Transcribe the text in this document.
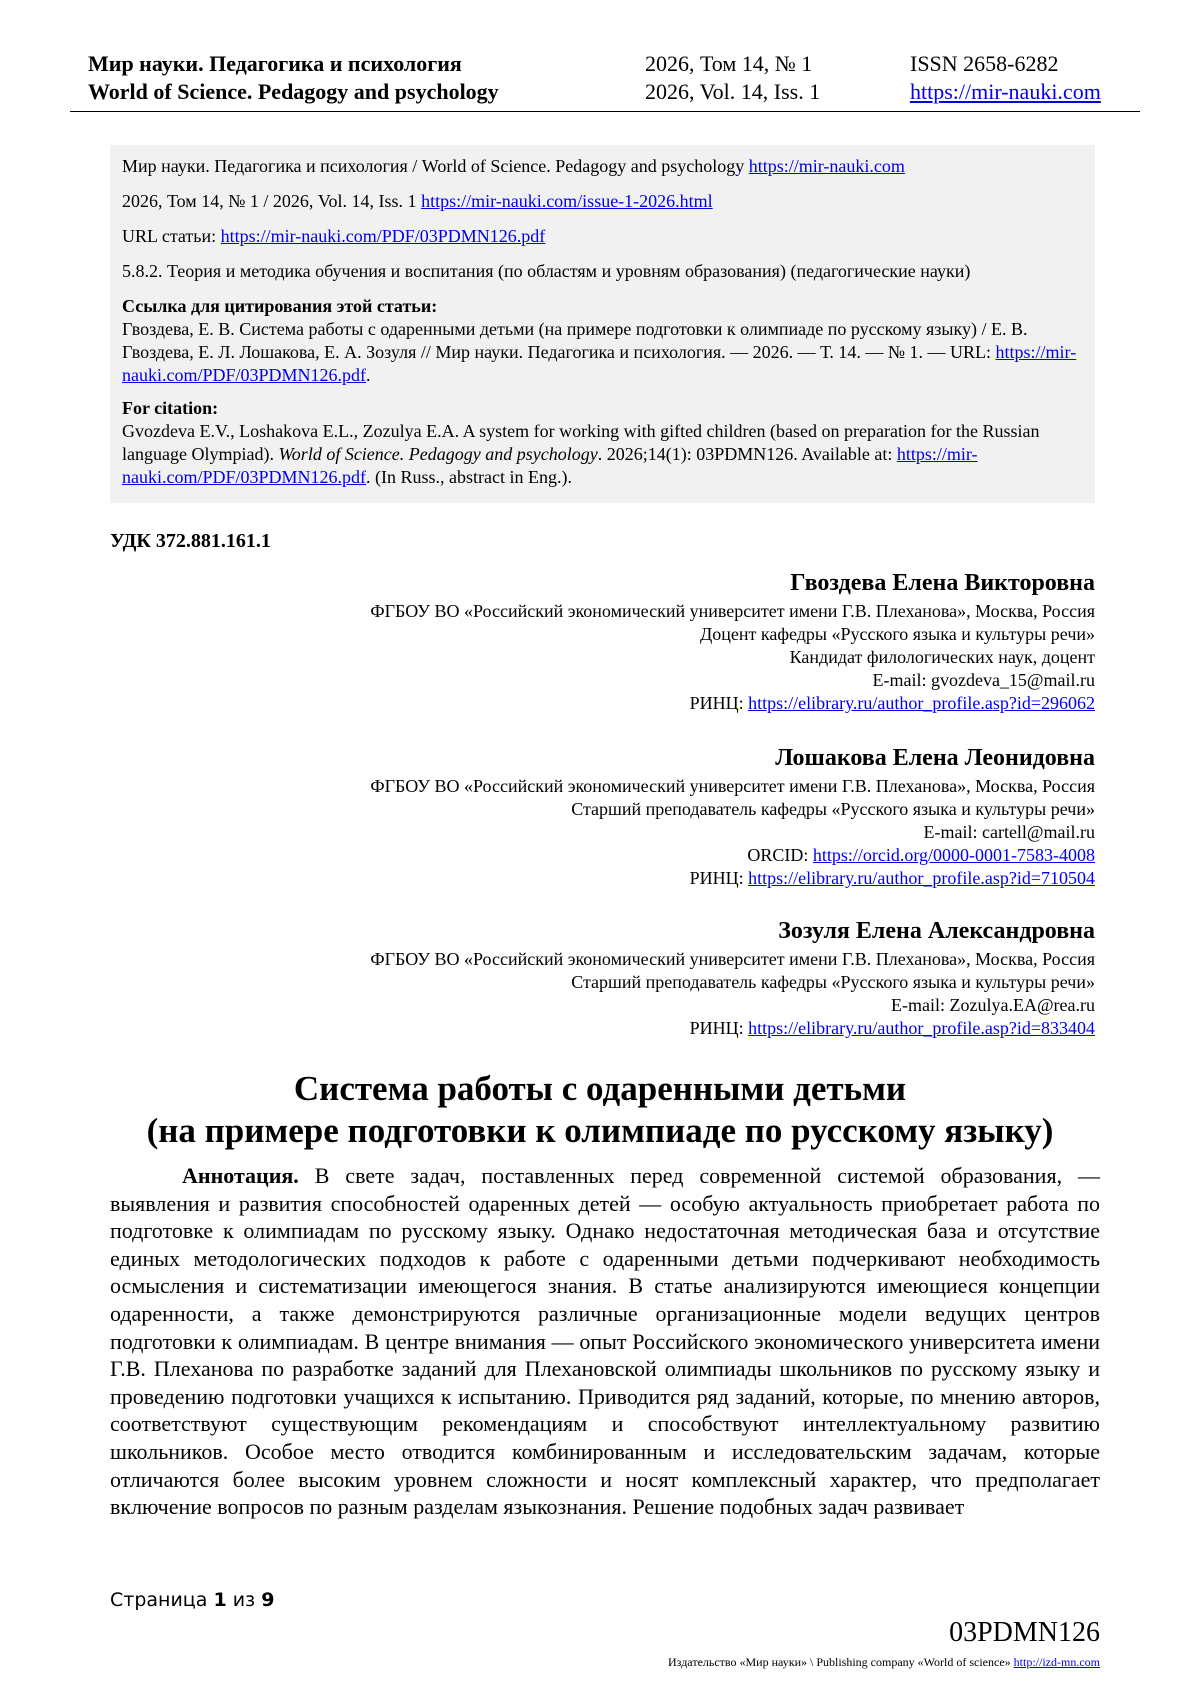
Мир науки. Педагогика и психология	2026, Том 14, № 1	ISSN 2658-6282
World of Science. Pedagogy and psychology	2026, Vol. 14, Iss. 1	https://mir-nauki.com

Мир науки. Педагогика и психология / World of Science. Pedagogy and psychology https://mir-nauki.com

2026, Том 14, № 1 / 2026, Vol. 14, Iss. 1 https://mir-nauki.com/issue-1-2026.html

URL статьи: https://mir-nauki.com/PDF/03PDMN126.pdf

5.8.2. Теория и методика обучения и воспитания (по областям и уровням образования) (педагогические науки)

Ссылка для цитирования этой статьи:
Гвоздева, Е. В. Система работы с одаренными детьми (на примере подготовки к олимпиаде по русскому языку) / Е. В. Гвоздева, Е. Л. Лошакова, Е. А. Зозуля // Мир науки. Педагогика и психология. — 2026. — Т. 14. — № 1. — URL: https://mir-nauki.com/PDF/03PDMN126.pdf.
For citation:
Gvozdeva E.V., Loshakova E.L., Zozulya E.A. A system for working with gifted children (based on preparation for the Russian language Olympiad). World of Science. Pedagogy and psychology. 2026;14(1): 03PDMN126. Available at: https://mir-nauki.com/PDF/03PDMN126.pdf. (In Russ., abstract in Eng.).
УДК 372.881.161.1
Гвоздева Елена Викторовна
ФГБОУ ВО «Российский экономический университет имени Г.В. Плеханова», Москва, Россия
Доцент кафедры «Русского языка и культуры речи»
Кандидат филологических наук, доцент
E-mail: gvozdeva_15@mail.ru
РИНЦ: https://elibrary.ru/author_profile.asp?id=296062
Лошакова Елена Леонидовна
ФГБОУ ВО «Российский экономический университет имени Г.В. Плеханова», Москва, Россия
Старший преподаватель кафедры «Русского языка и культуры речи»
E-mail: cartell@mail.ru
ORCID: https://orcid.org/0000-0001-7583-4008
РИНЦ: https://elibrary.ru/author_profile.asp?id=710504
Зозуля Елена Александровна
ФГБОУ ВО «Российский экономический университет имени Г.В. Плеханова», Москва, Россия
Старший преподаватель кафедры «Русского языка и культуры речи»
E-mail: Zozulya.EA@rea.ru
РИНЦ: https://elibrary.ru/author_profile.asp?id=833404
Система работы с одаренными детьми
(на примере подготовки к олимпиаде по русскому языку)
Аннотация. В свете задач, поставленных перед современной системой образования, — выявления и развития способностей одаренных детей — особую актуальность приобретает работа по подготовке к олимпиадам по русскому языку. Однако недостаточная методическая база и отсутствие единых методологических подходов к работе с одаренными детьми подчеркивают необходимость осмысления и систематизации имеющегося знания. В статье анализируются имеющиеся концепции одаренности, а также демонстрируются различные организационные модели ведущих центров подготовки к олимпиадам. В центре внимания — опыт Российского экономического университета имени Г.В. Плеханова по разработке заданий для Плехановской олимпиады школьников по русскому языку и проведению подготовки учащихся к испытанию. Приводится ряд заданий, которые, по мнению авторов, соответствуют существующим рекомендациям и способствуют интеллектуальному развитию школьников. Особое место отводится комбинированным и исследовательским задачам, которые отличаются более высоким уровнем сложности и носят комплексный характер, что предполагает включение вопросов по разным разделам языкознания. Решение подобных задач развивает
Страница 1 из 9
03PDMN126
Издательство «Мир науки» \ Publishing company «World of science» http://izd-mn.com
